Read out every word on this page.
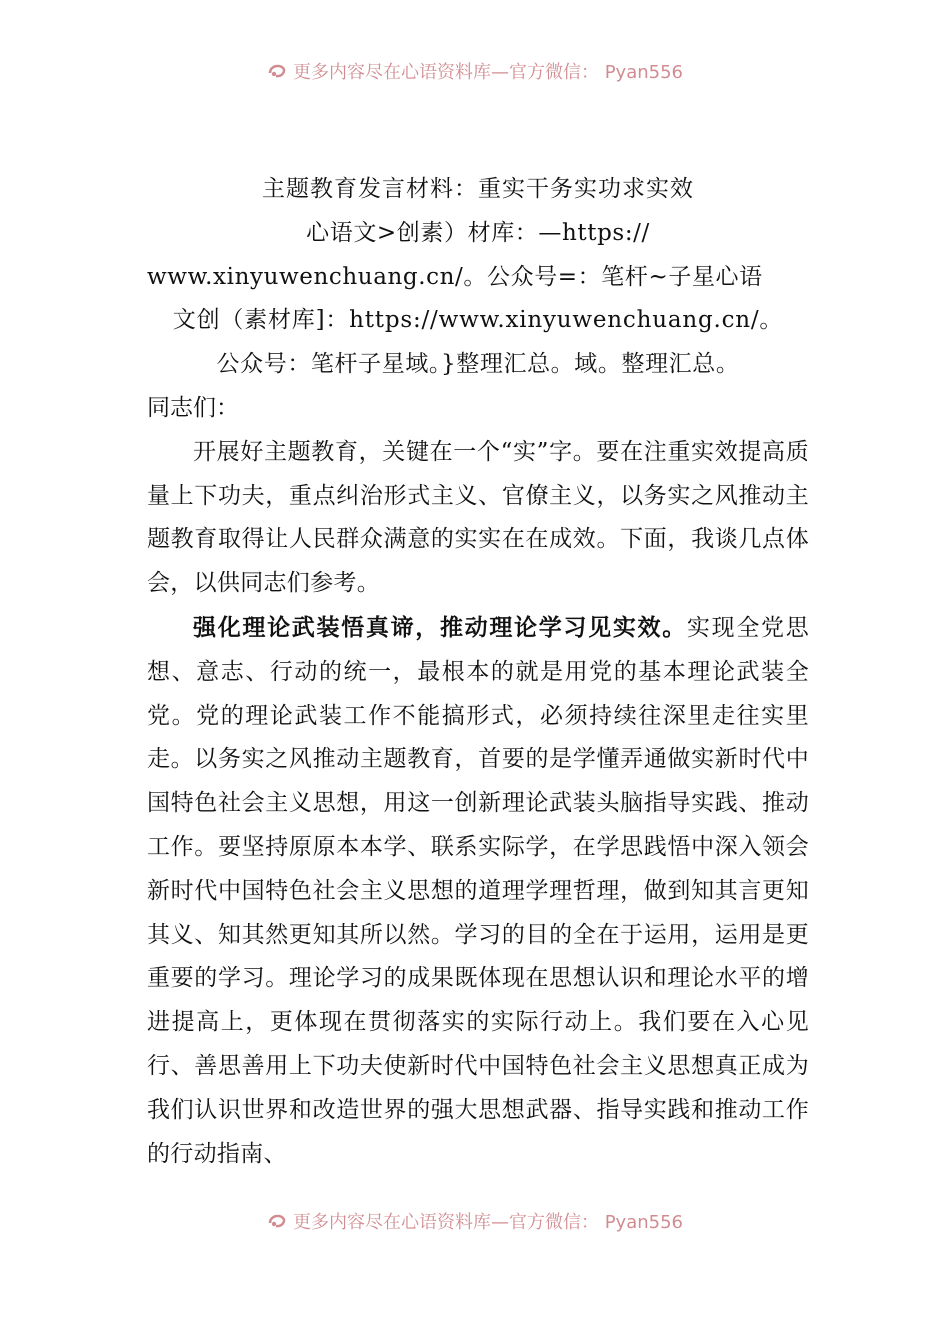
更多内容尽在心语资料库—官方微信： Pyan556
主题教育发言材料：重实干务实功求实效
心语文>创素）材库：—https://
www.xinyuwenchuang.cn/。公众号=：笔杆~子星心语
文创（素材库]：https://www.xinyuwenchuang.cn/。
公众号：笔杆子星域。}整理汇总。域。整理汇总。
同志们：

开展好主题教育，关键在一个“实”字。要在注重实效提高质量上下功夫，重点纠治形式主义、官僚主义，以务实之风推动主题教育取得让人民群众满意的实实在在成效。下面，我谈几点体会，以供同志们参考。

强化理论武装悟真谛，推动理论学习见实效。实现全党思想、意志、行动的统一，最根本的就是用党的基本理论武装全党。党的理论武装工作不能搞形式，必须持续往深里走往实里走。以务实之风推动主题教育，首要的是学懂弄通做实新时代中国特色社会主义思想，用这一创新理论武装头脑指导实践、推动工作。要坚持原原本本学、联系实际学，在学思践悟中深入领会新时代中国特色社会主义思想的道理学理哲理，做到知其言更知其义、知其然更知其所以然。学习的目的全在于运用，运用是更重要的学习。理论学习的成果既体现在思想认识和理论水平的增进提高上，更体现在贯彻落实的实际行动上。我们要在入心见行、善思善用上下功夫使新时代中国特色社会主义思想真正成为我们认识世界和改造世界的强大思想武器、指导实践和推动工作的行动指南、

更多内容尽在心语资料库—官方微信： Pyan556
